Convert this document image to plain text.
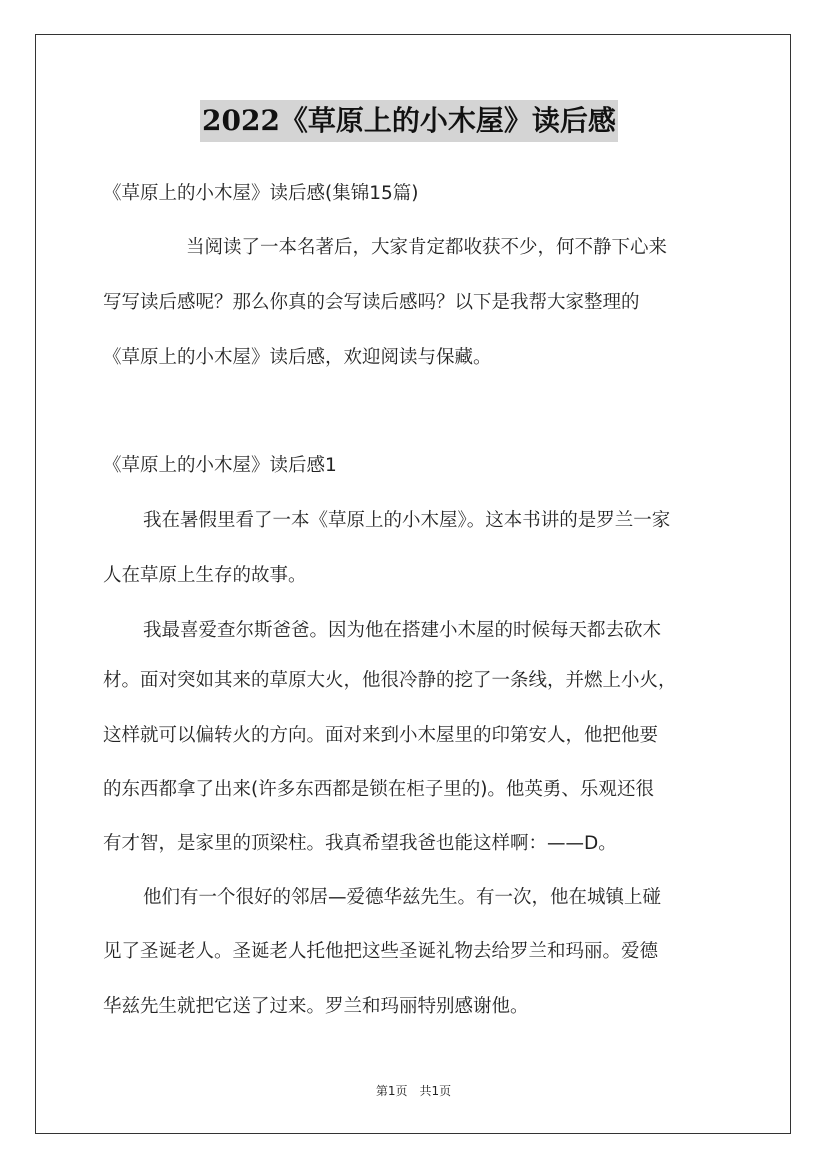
2022《草原上的小木屋》读后感
《草原上的小木屋》读后感(集锦15篇)
当阅读了一本名著后，大家肯定都收获不少，何不静下心来
写写读后感呢？那么你真的会写读后感吗？以下是我帮大家整理的
《草原上的小木屋》读后感，欢迎阅读与保藏。
《草原上的小木屋》读后感1
我在暑假里看了一本《草原上的小木屋》。这本书讲的是罗兰一家
人在草原上生存的故事。
我最喜爱查尔斯爸爸。因为他在搭建小木屋的时候每天都去砍木
材。面对突如其来的草原大火，他很冷静的挖了一条线，并燃上小火，
这样就可以偏转火的方向。面对来到小木屋里的印第安人，他把他要
的东西都拿了出来(许多东西都是锁在柜子里的)。他英勇、乐观还很
有才智，是家里的顶梁柱。我真希望我爸也能这样啊：——D。
他们有一个很好的邻居—爱德华兹先生。有一次，他在城镇上碰
见了圣诞老人。圣诞老人托他把这些圣诞礼物去给罗兰和玛丽。爱德
华兹先生就把它送了过来。罗兰和玛丽特别感谢他。
第1页　共1页
